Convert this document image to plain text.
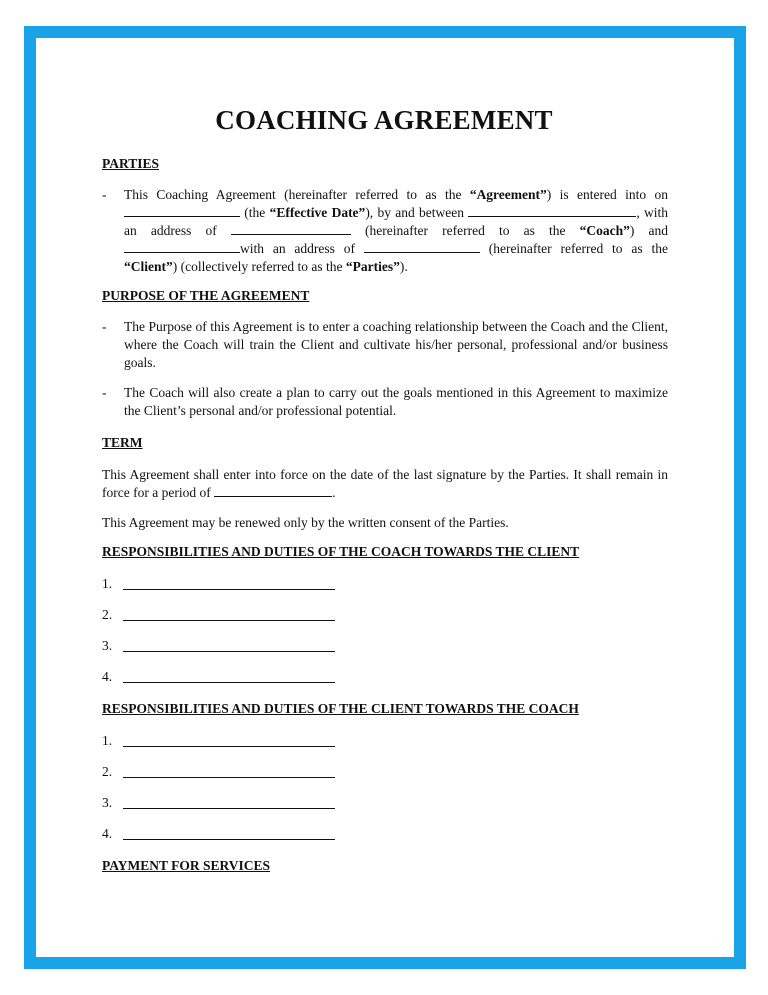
COACHING AGREEMENT
PARTIES
- This Coaching Agreement (hereinafter referred to as the “Agreement”) is entered into on  (the “Effective Date”), by and between	, with an address of	(hereinafter referred to as the “Coach”) and with an address of	(hereinafter referred to as the “Client”) (collectively referred to as the “Parties”).
PURPOSE OF THE AGREEMENT
- The Purpose of this Agreement is to enter a coaching relationship between the Coach and the Client, where the Coach will train the Client and cultivate his/her personal, professional and/or business goals.
- The Coach will also create a plan to carry out the goals mentioned in this Agreement to maximize the Client’s personal and/or professional potential.
TERM
This Agreement shall enter into force on the date of the last signature by the Parties. It shall remain in force for a period of	.
This Agreement may be renewed only by the written consent of the Parties.
RESPONSIBILITIES AND DUTIES OF THE COACH TOWARDS THE CLIENT
1.
2.
3.
4.
RESPONSIBILITIES AND DUTIES OF THE CLIENT TOWARDS THE COACH
1.
2.
3.
4.
PAYMENT FOR SERVICES
